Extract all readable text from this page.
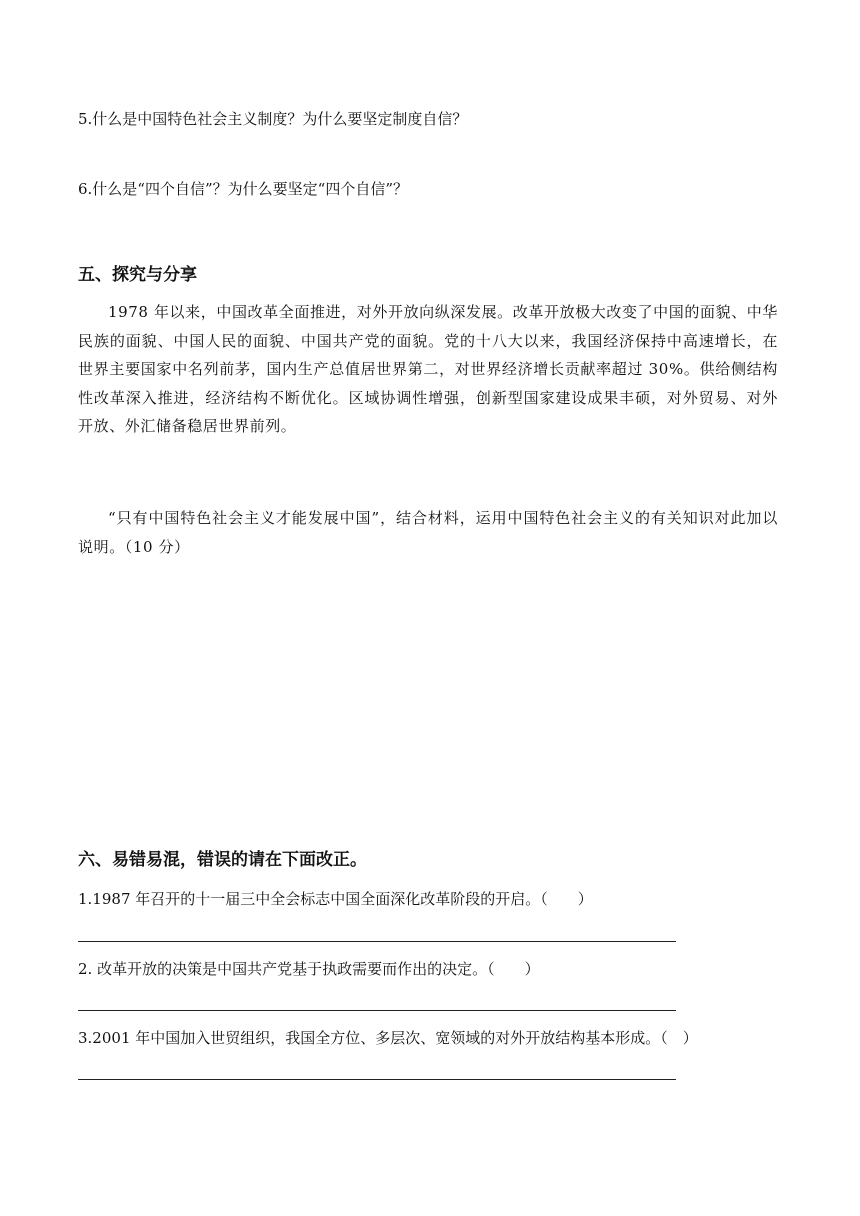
5.什么是中国特色社会主义制度？为什么要坚定制度自信？
6.什么是“四个自信”？为什么要坚定“四个自信”？
五、探究与分享
1978 年以来，中国改革全面推进，对外开放向纵深发展。改革开放极大改变了中国的面貌、中华民族的面貌、中国人民的面貌、中国共产党的面貌。党的十八大以来，我国经济保持中高速增长，在世界主要国家中名列前茅，国内生产总值居世界第二，对世界经济增长贡献率超过 30%。供给侧结构性改革深入推进，经济结构不断优化。区域协调性增强，创新型国家建设成果丰硕，对外贸易、对外开放、外汇储备稳居世界前列。
“只有中国特色社会主义才能发展中国”，结合材料，运用中国特色社会主义的有关知识对此加以说明。（10 分）
六、易错易混，错误的请在下面改正。
1.1987 年召开的十一届三中全会标志中国全面深化改革阶段的开启。（　　）
2. 改革开放的决策是中国共产党基于执政需要而作出的决定。（　　）
3.2001 年中国加入世贸组织，我国全方位、多层次、宽领域的对外开放结构基本形成。（　）
